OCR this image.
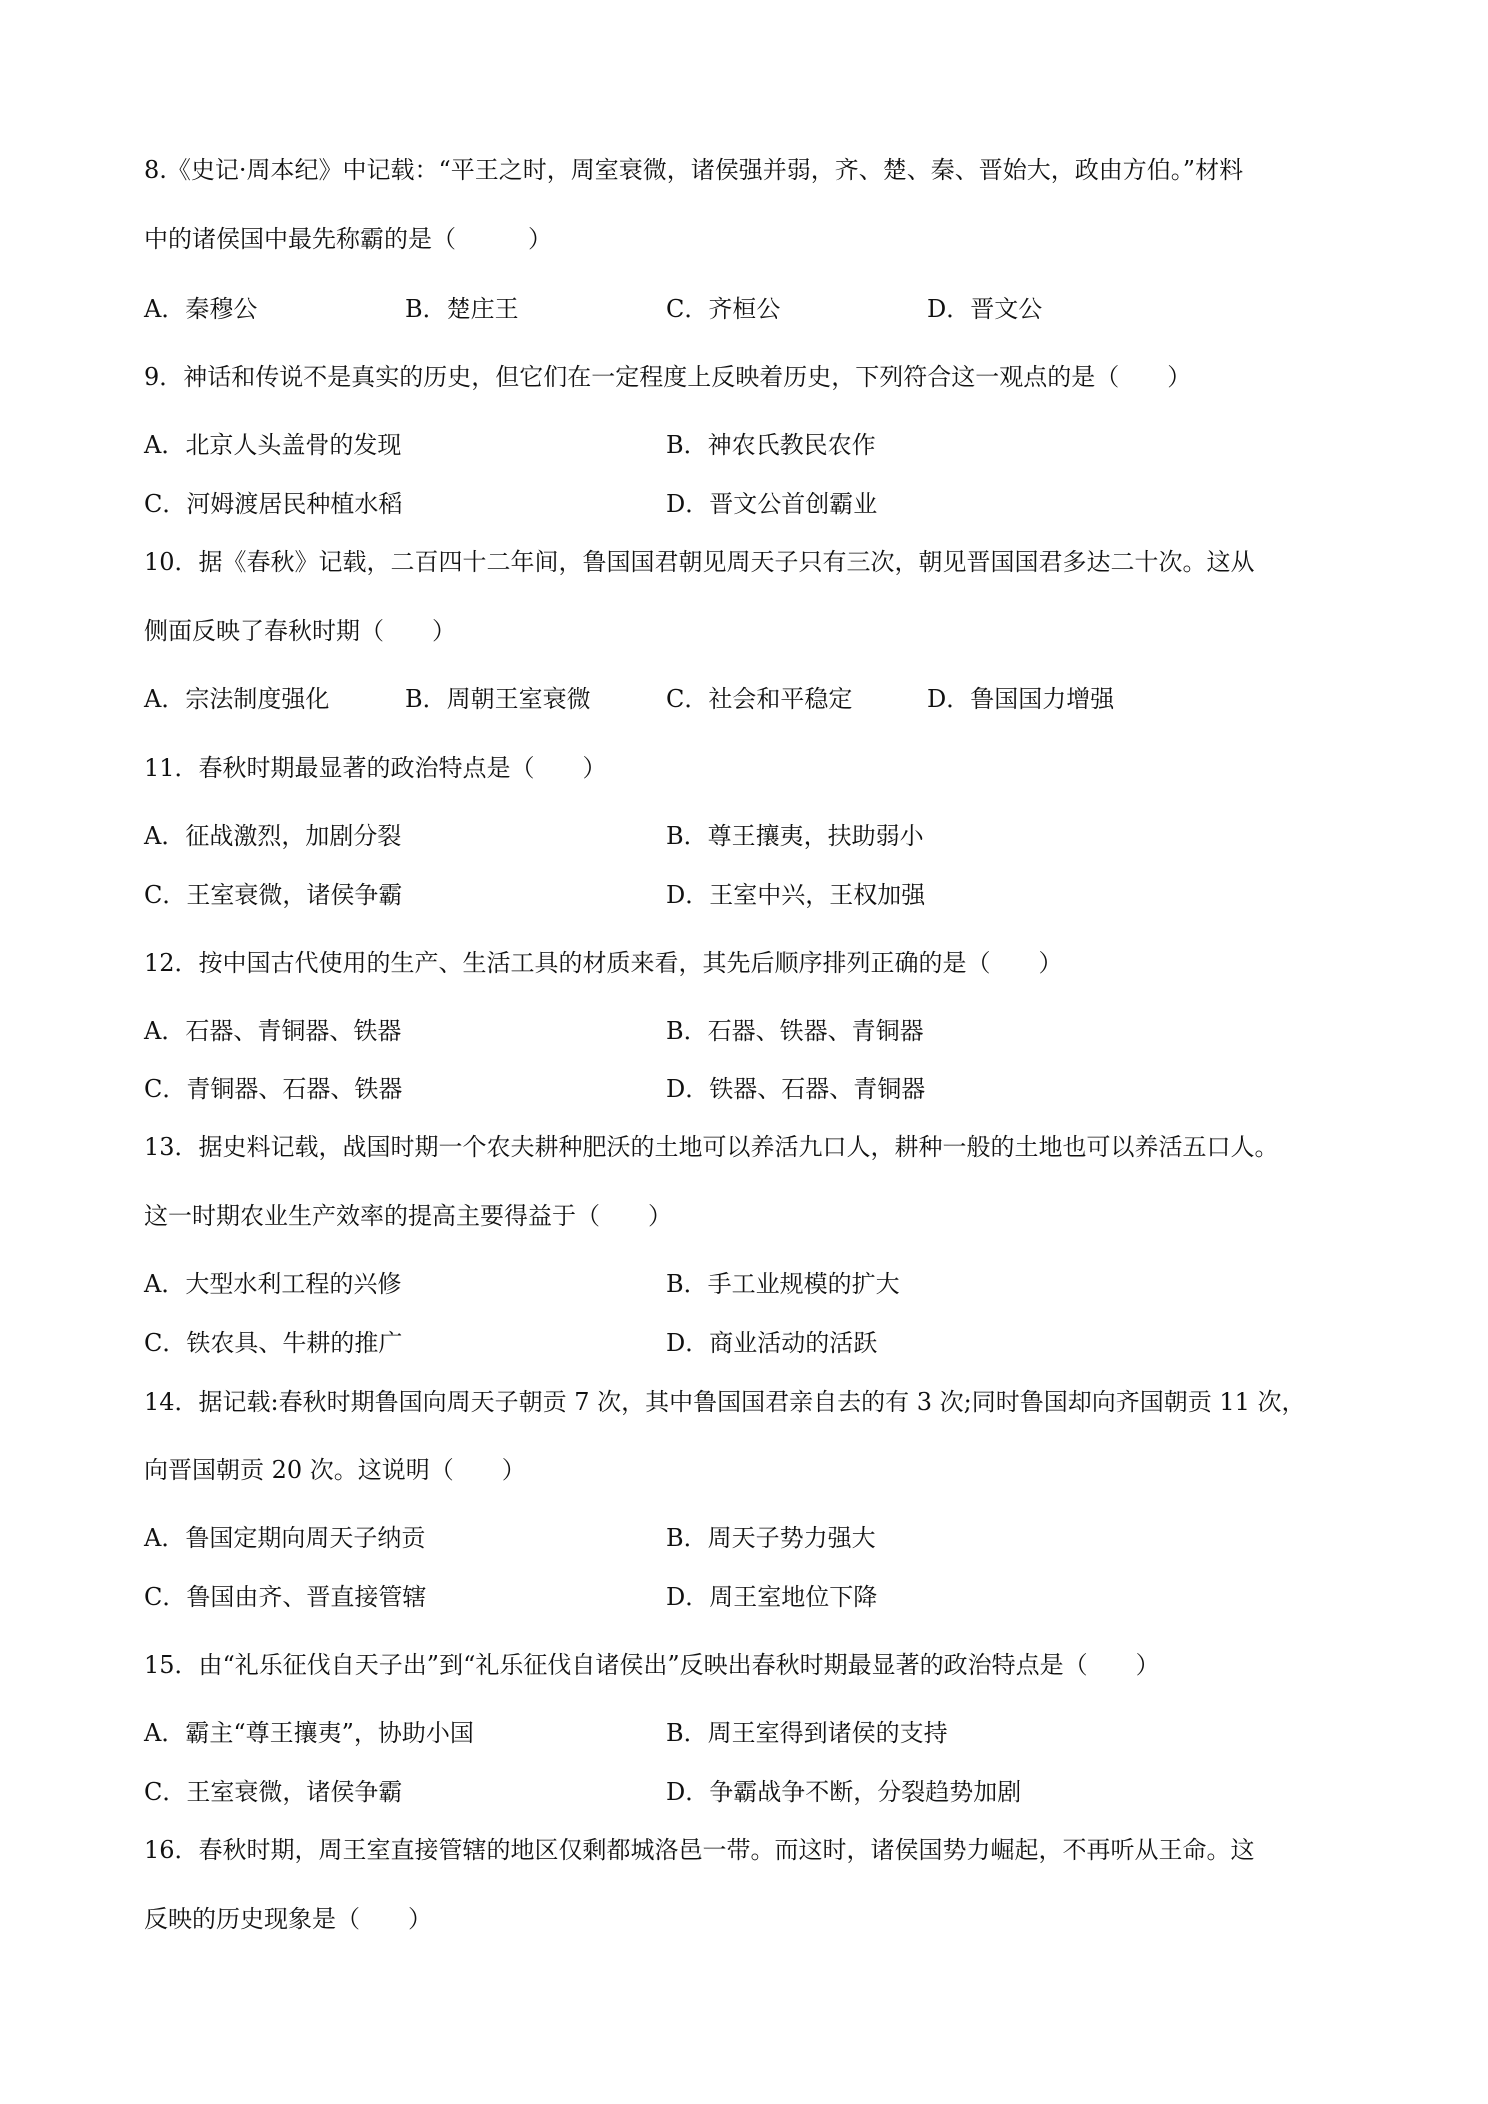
8.《史记·周本纪》中记载：“平王之时，周室衰微，诸侯强并弱，齐、楚、秦、晋始大，政由方伯。”材料
中的诸侯国中最先称霸的是（　　　）
A．秦穆公	B．楚庄王	C．齐桓公	D．晋文公
9．神话和传说不是真实的历史，但它们在一定程度上反映着历史，下列符合这一观点的是（　　）
A．北京人头盖骨的发现	B．神农氏教民农作
C．河姆渡居民种植水稻	D．晋文公首创霸业
10．据《春秋》记载，二百四十二年间，鲁国国君朝见周天子只有三次，朝见晋国国君多达二十次。这从
侧面反映了春秋时期（　　）
A．宗法制度强化	B．周朝王室衰微	C．社会和平稳定	D．鲁国国力增强
11．春秋时期最显著的政治特点是（　　）
A．征战激烈，加剧分裂	B．尊王攘夷，扶助弱小
C．王室衰微，诸侯争霸	D．王室中兴，王权加强
12．按中国古代使用的生产、生活工具的材质来看，其先后顺序排列正确的是（　　）
A．石器、青铜器、铁器	B．石器、铁器、青铜器
C．青铜器、石器、铁器	D．铁器、石器、青铜器
13．据史料记载，战国时期一个农夫耕种肥沃的土地可以养活九口人，耕种一般的土地也可以养活五口人。
这一时期农业生产效率的提高主要得益于（　　）
A．大型水利工程的兴修	B．手工业规模的扩大
C．铁农具、牛耕的推广	D．商业活动的活跃
14．据记载:春秋时期鲁国向周天子朝贡 7 次，其中鲁国国君亲自去的有 3 次;同时鲁国却向齐国朝贡 11 次，
向晋国朝贡 20 次。这说明（　　）
A．鲁国定期向周天子纳贡	B．周天子势力强大
C．鲁国由齐、晋直接管辖	D．周王室地位下降
15．由“礼乐征伐自天子出”到“礼乐征伐自诸侯出”反映出春秋时期最显著的政治特点是（　　）
A．霸主“尊王攘夷”，协助小国	B．周王室得到诸侯的支持
C．王室衰微，诸侯争霸	D．争霸战争不断，分裂趋势加剧
16．春秋时期，周王室直接管辖的地区仅剩都城洛邑一带。而这时，诸侯国势力崛起，不再听从王命。这
反映的历史现象是（　　）
